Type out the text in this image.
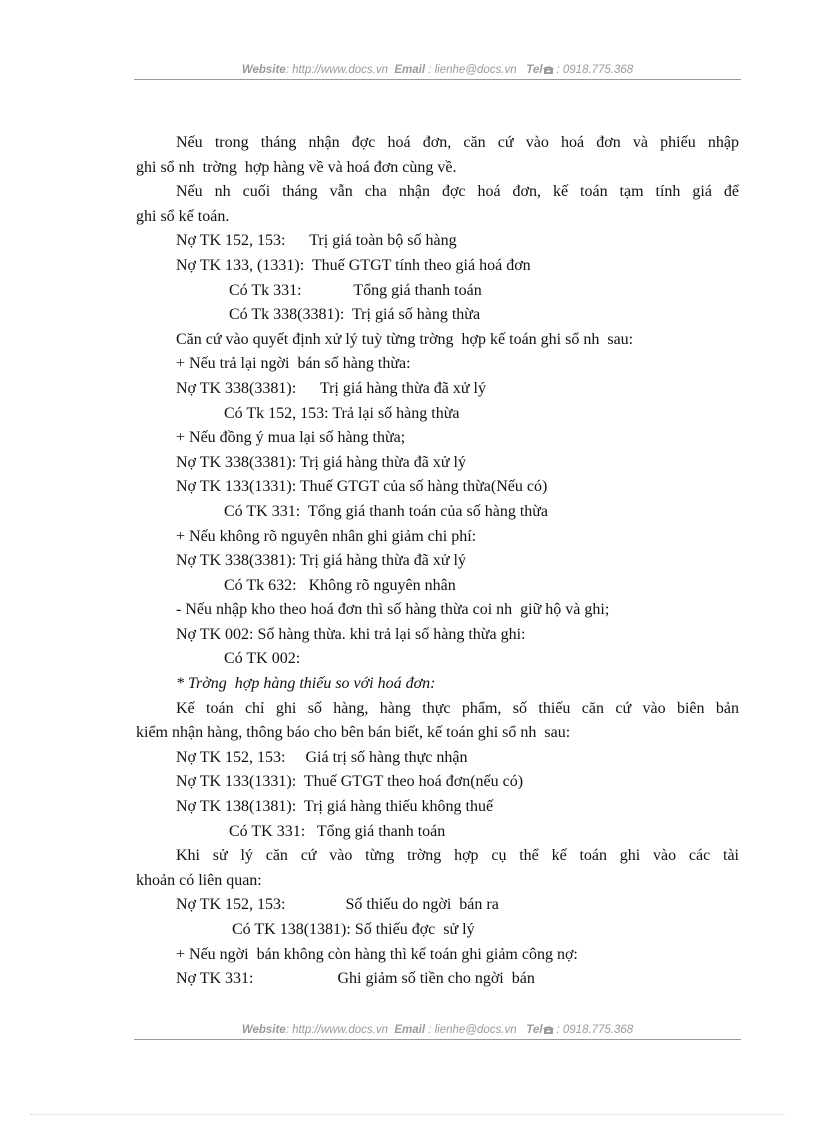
Website: http://www.docs.vn Email : lienhe@docs.vn Tel : 0918.775.368
Nếu trong tháng nhận đợc hoá đơn, căn cứ vào hoá đơn và phiếu nhập
ghi sổ nh  trờng  hợp hàng về và hoá đơn cùng về.
Nếu nh cuối tháng vẫn cha nhận đợc hoá đơn, kế toán tạm tính giá để
ghi sổ kế toán.
Nợ TK 152, 153:      Trị giá toàn bộ số hàng
Nợ TK 133, (1331):  Thuế GTGT tính theo giá hoá đơn
Có Tk 331:             Tổng giá thanh toán
Có Tk 338(3381):  Trị giá số hàng thừa
Căn cứ vào quyết định xử lý tuỳ từng trờng  hợp kế toán ghi sổ nh  sau:
+ Nếu trả lại ngời  bán số hàng thừa:
Nợ TK 338(3381):      Trị giá hàng thừa đã xử lý
Có Tk 152, 153: Trả lại số hàng thừa
+ Nếu đồng ý mua lại số hàng thừa;
Nợ TK 338(3381): Trị giá hàng thừa đã xử lý
Nợ TK 133(1331): Thuế GTGT của số hàng thừa(Nếu có)
Có TK 331:  Tổng giá thanh toán của số hàng thừa
+ Nếu không rõ nguyên nhân ghi giảm chi phí:
Nợ TK 338(3381): Trị giá hàng thừa đã xử lý
Có Tk 632:   Không rõ nguyên nhân
- Nếu nhập kho theo hoá đơn thì số hàng thừa coi nh  giữ hộ và ghi;
Nợ TK 002: Số hàng thừa. khi trả lại số hàng thừa ghi:
Có TK 002:
* Trờng  hợp hàng thiếu so với hoá đơn:
Kế toán chỉ ghi số hàng, hàng thực phẩm, số thiếu căn cứ vào biên bản
kiểm nhận hàng, thông báo cho bên bán biết, kế toán ghi sổ nh  sau:
Nợ TK 152, 153:     Giá trị số hàng thực nhận
Nợ TK 133(1331):  Thuế GTGT theo hoá đơn(nếu có)
Nợ TK 138(1381):  Trị giá hàng thiếu không thuế
Có TK 331:   Tổng giá thanh toán
Khi sử lý căn cứ vào từng trờng hợp cụ thể kế toán ghi vào các tài
khoản có liên quan:
Nợ TK 152, 153:               Số thiếu do ngời  bán ra
Có TK 138(1381): Số thiếu đợc  sử lý
+ Nếu ngời  bán không còn hàng thì kế toán ghi giảm công nợ:
Nợ TK 331:                     Ghi giảm số tiền cho ngời  bán
Website: http://www.docs.vn Email : lienhe@docs.vn Tel : 0918.775.368
